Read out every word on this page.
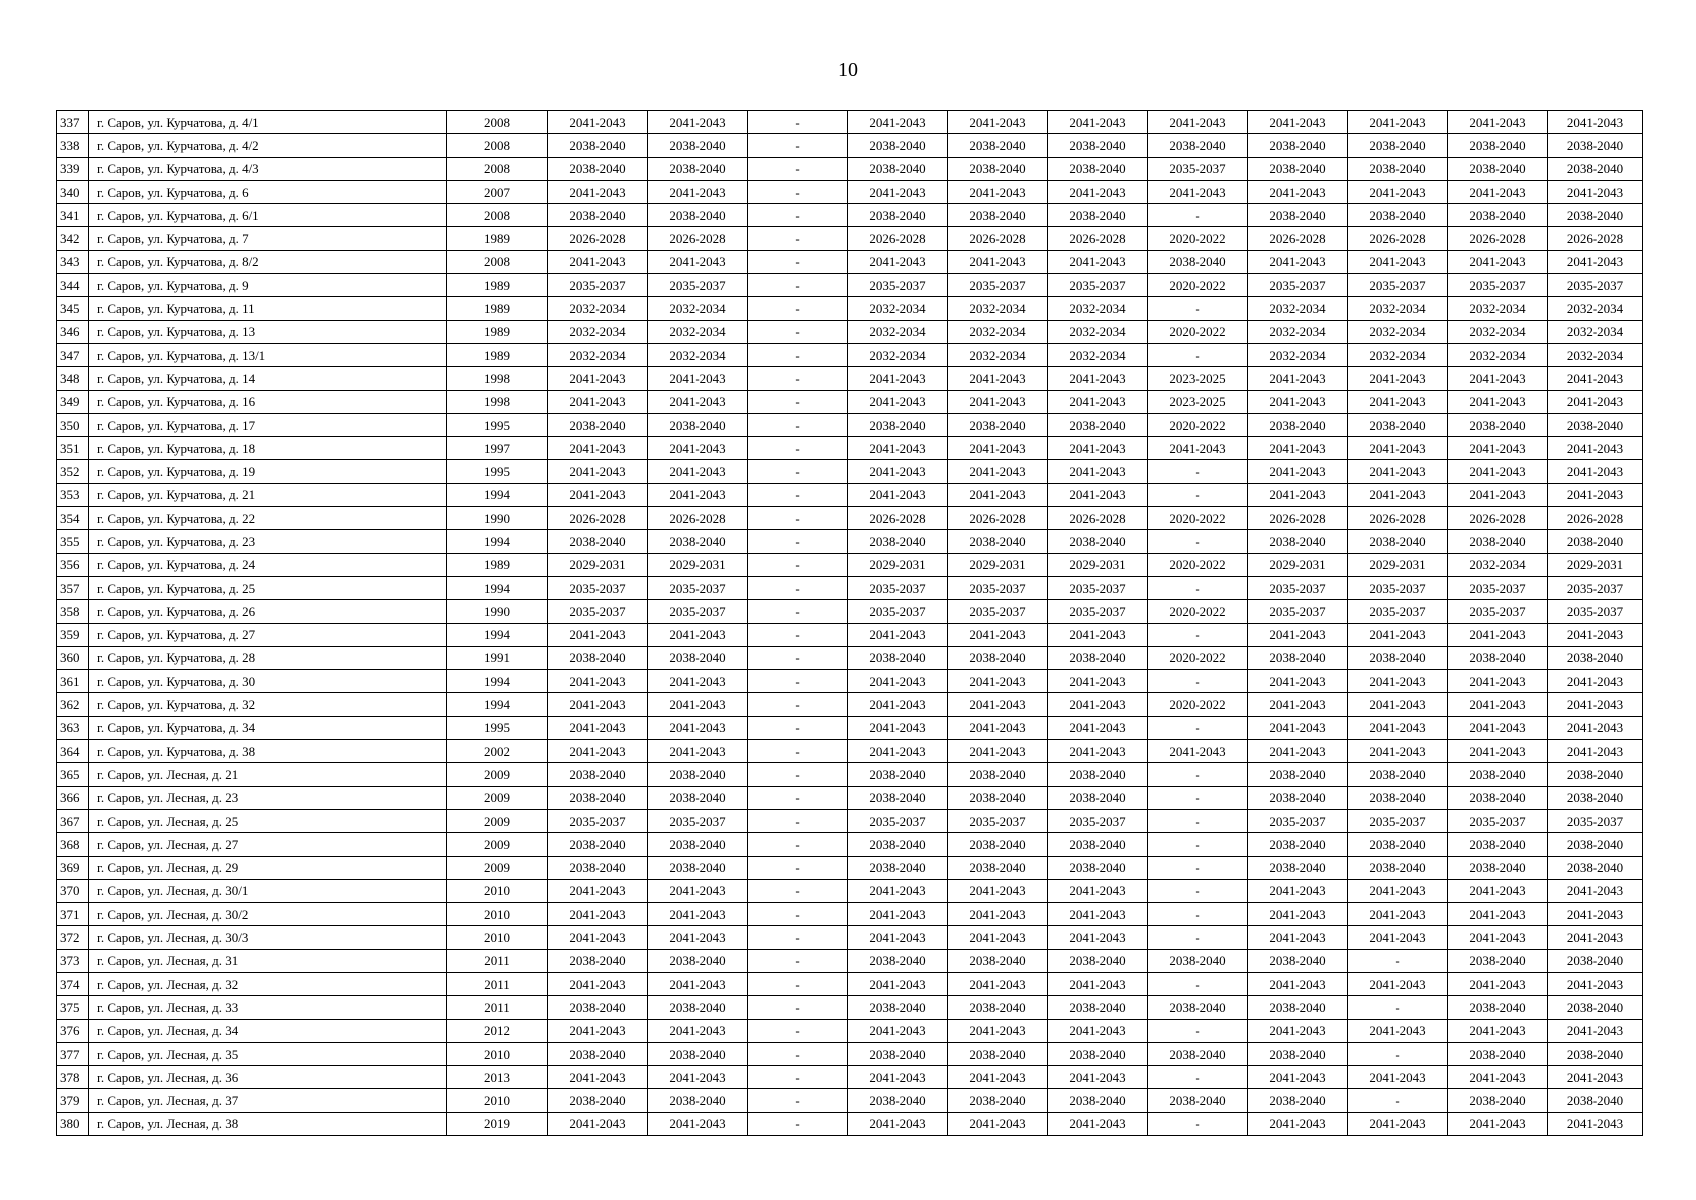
10
337	г. Саров, ул. Курчатова, д. 4/1	2008	2041-2043	2041-2043	-	2041-2043	2041-2043	2041-2043	2041-2043	2041-2043	2041-2043	2041-2043	2041-2043
338	г. Саров, ул. Курчатова, д. 4/2	2008	2038-2040	2038-2040	-	2038-2040	2038-2040	2038-2040	2038-2040	2038-2040	2038-2040	2038-2040	2038-2040
339	г. Саров, ул. Курчатова, д. 4/3	2008	2038-2040	2038-2040	-	2038-2040	2038-2040	2038-2040	2035-2037	2038-2040	2038-2040	2038-2040	2038-2040
340	г. Саров, ул. Курчатова, д. 6	2007	2041-2043	2041-2043	-	2041-2043	2041-2043	2041-2043	2041-2043	2041-2043	2041-2043	2041-2043	2041-2043
341	г. Саров, ул. Курчатова, д. 6/1	2008	2038-2040	2038-2040	-	2038-2040	2038-2040	2038-2040	-	2038-2040	2038-2040	2038-2040	2038-2040
342	г. Саров, ул. Курчатова, д. 7	1989	2026-2028	2026-2028	-	2026-2028	2026-2028	2026-2028	2020-2022	2026-2028	2026-2028	2026-2028	2026-2028
343	г. Саров, ул. Курчатова, д. 8/2	2008	2041-2043	2041-2043	-	2041-2043	2041-2043	2041-2043	2038-2040	2041-2043	2041-2043	2041-2043	2041-2043
344	г. Саров, ул. Курчатова, д. 9	1989	2035-2037	2035-2037	-	2035-2037	2035-2037	2035-2037	2020-2022	2035-2037	2035-2037	2035-2037	2035-2037
345	г. Саров, ул. Курчатова, д. 11	1989	2032-2034	2032-2034	-	2032-2034	2032-2034	2032-2034	-	2032-2034	2032-2034	2032-2034	2032-2034
346	г. Саров, ул. Курчатова, д. 13	1989	2032-2034	2032-2034	-	2032-2034	2032-2034	2032-2034	2020-2022	2032-2034	2032-2034	2032-2034	2032-2034
347	г. Саров, ул. Курчатова, д. 13/1	1989	2032-2034	2032-2034	-	2032-2034	2032-2034	2032-2034	-	2032-2034	2032-2034	2032-2034	2032-2034
348	г. Саров, ул. Курчатова, д. 14	1998	2041-2043	2041-2043	-	2041-2043	2041-2043	2041-2043	2023-2025	2041-2043	2041-2043	2041-2043	2041-2043
349	г. Саров, ул. Курчатова, д. 16	1998	2041-2043	2041-2043	-	2041-2043	2041-2043	2041-2043	2023-2025	2041-2043	2041-2043	2041-2043	2041-2043
350	г. Саров, ул. Курчатова, д. 17	1995	2038-2040	2038-2040	-	2038-2040	2038-2040	2038-2040	2020-2022	2038-2040	2038-2040	2038-2040	2038-2040
351	г. Саров, ул. Курчатова, д. 18	1997	2041-2043	2041-2043	-	2041-2043	2041-2043	2041-2043	2041-2043	2041-2043	2041-2043	2041-2043	2041-2043
352	г. Саров, ул. Курчатова, д. 19	1995	2041-2043	2041-2043	-	2041-2043	2041-2043	2041-2043	-	2041-2043	2041-2043	2041-2043	2041-2043
353	г. Саров, ул. Курчатова, д. 21	1994	2041-2043	2041-2043	-	2041-2043	2041-2043	2041-2043	-	2041-2043	2041-2043	2041-2043	2041-2043
354	г. Саров, ул. Курчатова, д. 22	1990	2026-2028	2026-2028	-	2026-2028	2026-2028	2026-2028	2020-2022	2026-2028	2026-2028	2026-2028	2026-2028
355	г. Саров, ул. Курчатова, д. 23	1994	2038-2040	2038-2040	-	2038-2040	2038-2040	2038-2040	-	2038-2040	2038-2040	2038-2040	2038-2040
356	г. Саров, ул. Курчатова, д. 24	1989	2029-2031	2029-2031	-	2029-2031	2029-2031	2029-2031	2020-2022	2029-2031	2029-2031	2032-2034	2029-2031
357	г. Саров, ул. Курчатова, д. 25	1994	2035-2037	2035-2037	-	2035-2037	2035-2037	2035-2037	-	2035-2037	2035-2037	2035-2037	2035-2037
358	г. Саров, ул. Курчатова, д. 26	1990	2035-2037	2035-2037	-	2035-2037	2035-2037	2035-2037	2020-2022	2035-2037	2035-2037	2035-2037	2035-2037
359	г. Саров, ул. Курчатова, д. 27	1994	2041-2043	2041-2043	-	2041-2043	2041-2043	2041-2043	-	2041-2043	2041-2043	2041-2043	2041-2043
360	г. Саров, ул. Курчатова, д. 28	1991	2038-2040	2038-2040	-	2038-2040	2038-2040	2038-2040	2020-2022	2038-2040	2038-2040	2038-2040	2038-2040
361	г. Саров, ул. Курчатова, д. 30	1994	2041-2043	2041-2043	-	2041-2043	2041-2043	2041-2043	-	2041-2043	2041-2043	2041-2043	2041-2043
362	г. Саров, ул. Курчатова, д. 32	1994	2041-2043	2041-2043	-	2041-2043	2041-2043	2041-2043	2020-2022	2041-2043	2041-2043	2041-2043	2041-2043
363	г. Саров, ул. Курчатова, д. 34	1995	2041-2043	2041-2043	-	2041-2043	2041-2043	2041-2043	-	2041-2043	2041-2043	2041-2043	2041-2043
364	г. Саров, ул. Курчатова, д. 38	2002	2041-2043	2041-2043	-	2041-2043	2041-2043	2041-2043	2041-2043	2041-2043	2041-2043	2041-2043	2041-2043
365	г. Саров, ул. Лесная, д. 21	2009	2038-2040	2038-2040	-	2038-2040	2038-2040	2038-2040	-	2038-2040	2038-2040	2038-2040	2038-2040
366	г. Саров, ул. Лесная, д. 23	2009	2038-2040	2038-2040	-	2038-2040	2038-2040	2038-2040	-	2038-2040	2038-2040	2038-2040	2038-2040
367	г. Саров, ул. Лесная, д. 25	2009	2035-2037	2035-2037	-	2035-2037	2035-2037	2035-2037	-	2035-2037	2035-2037	2035-2037	2035-2037
368	г. Саров, ул. Лесная, д. 27	2009	2038-2040	2038-2040	-	2038-2040	2038-2040	2038-2040	-	2038-2040	2038-2040	2038-2040	2038-2040
369	г. Саров, ул. Лесная, д. 29	2009	2038-2040	2038-2040	-	2038-2040	2038-2040	2038-2040	-	2038-2040	2038-2040	2038-2040	2038-2040
370	г. Саров, ул. Лесная, д. 30/1	2010	2041-2043	2041-2043	-	2041-2043	2041-2043	2041-2043	-	2041-2043	2041-2043	2041-2043	2041-2043
371	г. Саров, ул. Лесная, д. 30/2	2010	2041-2043	2041-2043	-	2041-2043	2041-2043	2041-2043	-	2041-2043	2041-2043	2041-2043	2041-2043
372	г. Саров, ул. Лесная, д. 30/3	2010	2041-2043	2041-2043	-	2041-2043	2041-2043	2041-2043	-	2041-2043	2041-2043	2041-2043	2041-2043
373	г. Саров, ул. Лесная, д. 31	2011	2038-2040	2038-2040	-	2038-2040	2038-2040	2038-2040	2038-2040	2038-2040	-	2038-2040	2038-2040
374	г. Саров, ул. Лесная, д. 32	2011	2041-2043	2041-2043	-	2041-2043	2041-2043	2041-2043	-	2041-2043	2041-2043	2041-2043	2041-2043
375	г. Саров, ул. Лесная, д. 33	2011	2038-2040	2038-2040	-	2038-2040	2038-2040	2038-2040	2038-2040	2038-2040	-	2038-2040	2038-2040
376	г. Саров, ул. Лесная, д. 34	2012	2041-2043	2041-2043	-	2041-2043	2041-2043	2041-2043	-	2041-2043	2041-2043	2041-2043	2041-2043
377	г. Саров, ул. Лесная, д. 35	2010	2038-2040	2038-2040	-	2038-2040	2038-2040	2038-2040	2038-2040	2038-2040	-	2038-2040	2038-2040
378	г. Саров, ул. Лесная, д. 36	2013	2041-2043	2041-2043	-	2041-2043	2041-2043	2041-2043	-	2041-2043	2041-2043	2041-2043	2041-2043
379	г. Саров, ул. Лесная, д. 37	2010	2038-2040	2038-2040	-	2038-2040	2038-2040	2038-2040	2038-2040	2038-2040	-	2038-2040	2038-2040
380	г. Саров, ул. Лесная, д. 38	2019	2041-2043	2041-2043	-	2041-2043	2041-2043	2041-2043	-	2041-2043	2041-2043	2041-2043	2041-2043
